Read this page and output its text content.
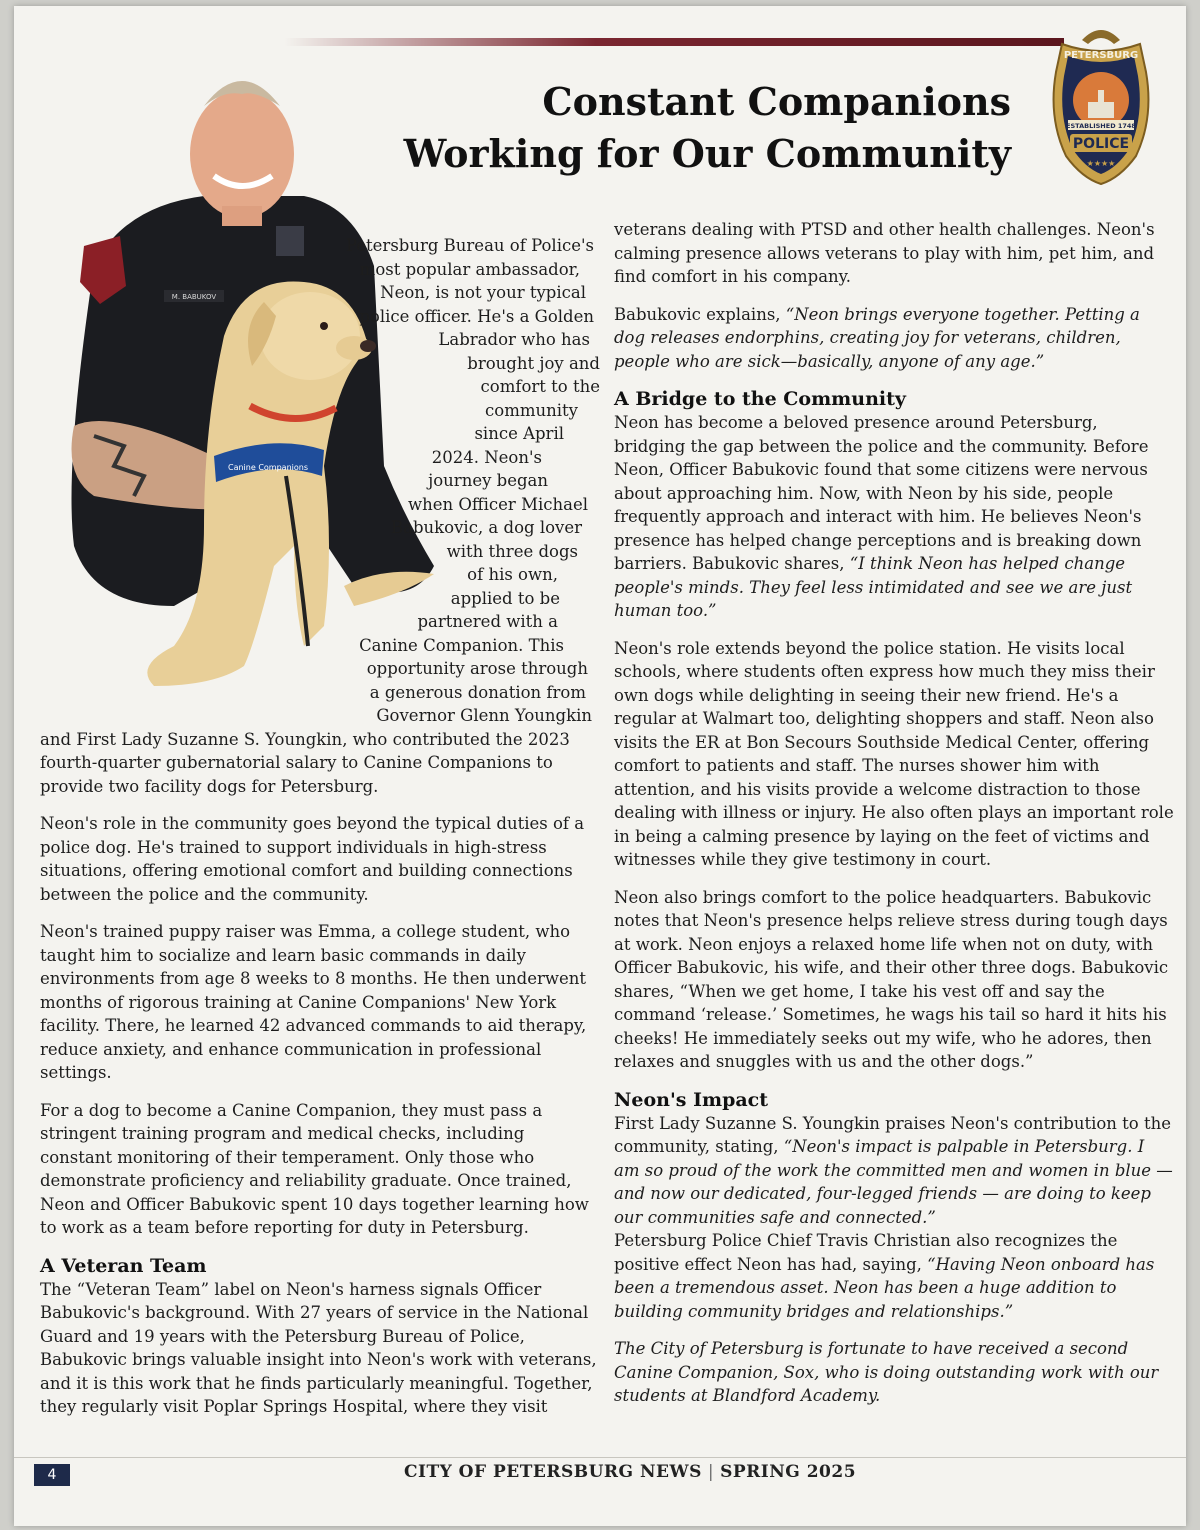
Constant Companions
Working for Our Community
PETERSBURG
ESTABLISHED 1748
POLICE
★★★★
M. BABUKOV
Canine Companions
Petersburg Bureau of Police's
most popular ambassador,
Neon, is not your typical
police officer. He's a Golden
Labrador who has
brought joy and
comfort to the
community
since April
2024. Neon's
journey began
when Officer Michael
Babukovic, a dog lover
with three dogs
of his own,
applied to be
partnered with a
Canine Companion. This
opportunity arose through
a generous donation from
Governor Glenn Youngkin
and First Lady Suzanne S. Youngkin, who contributed the 2023 fourth-quarter gubernatorial salary to Canine Companions to provide two facility dogs for Petersburg.

Neon's role in the community goes beyond the typical duties of a police dog. He's trained to support individuals in high-stress situations, offering emotional comfort and building connections between the police and the community.

Neon's trained puppy raiser was Emma, a college student, who taught him to socialize and learn basic commands in daily environments from age 8 weeks to 8 months. He then underwent months of rigorous training at Canine Companions' New York facility. There, he learned 42 advanced commands to aid therapy, reduce anxiety, and enhance communication in professional settings.

For a dog to become a Canine Companion, they must pass a stringent training program and medical checks, including constant monitoring of their temperament. Only those who demonstrate proficiency and reliability graduate. Once trained, Neon and Officer Babukovic spent 10 days together learning how to work as a team before reporting for duty in Petersburg.

A Veteran Team

The “Veteran Team” label on Neon's harness signals Officer Babukovic's background. With 27 years of service in the National Guard and 19 years with the Petersburg Bureau of Police, Babukovic brings valuable insight into Neon's work with veterans, and it is this work that he finds particularly meaningful. Together, they regularly visit Poplar Springs Hospital, where they visit

veterans dealing with PTSD and other health challenges. Neon's calming presence allows veterans to play with him, pet him, and find comfort in his company.

Babukovic explains, “Neon brings everyone together. Petting a dog releases endorphins, creating joy for veterans, children, people who are sick—basically, anyone of any age.”

A Bridge to the Community

Neon has become a beloved presence around Petersburg, bridging the gap between the police and the community. Before Neon, Officer Babukovic found that some citizens were nervous about approaching him. Now, with Neon by his side, people frequently approach and interact with him. He believes Neon's presence has helped change perceptions and is breaking down barriers. Babukovic shares, “I think Neon has helped change people's minds. They feel less intimidated and see we are just human too.”

Neon's role extends beyond the police station. He visits local schools, where students often express how much they miss their own dogs while delighting in seeing their new friend. He's a regular at Walmart too, delighting shoppers and staff. Neon also visits the ER at Bon Secours Southside Medical Center, offering comfort to patients and staff. The nurses shower him with attention, and his visits provide a welcome distraction to those dealing with illness or injury. He also often plays an important role in being a calming presence by laying on the feet of victims and witnesses while they give testimony in court.

Neon also brings comfort to the police headquarters. Babukovic notes that Neon's presence helps relieve stress during tough days at work. Neon enjoys a relaxed home life when not on duty, with Officer Babukovic, his wife, and their other three dogs. Babukovic shares, “When we get home, I take his vest off and say the command ‘release.’ Sometimes, he wags his tail so hard it hits his cheeks! He immediately seeks out my wife, who he adores, then relaxes and snuggles with us and the other dogs.”

Neon's Impact

First Lady Suzanne S. Youngkin praises Neon's contribution to the community, stating, “Neon's impact is palpable in Petersburg. I am so proud of the work the committed men and women in blue — and now our dedicated, four-legged friends — are doing to keep our communities safe and connected.”

Petersburg Police Chief Travis Christian also recognizes the positive effect Neon has had, saying, “Having Neon onboard has been a tremendous asset. Neon has been a huge addition to building community bridges and relationships.”

The City of Petersburg is fortunate to have received a second Canine Companion, Sox, who is doing outstanding work with our students at Blandford Academy.

4	CITY OF PETERSBURG NEWS | SPRING 2025
